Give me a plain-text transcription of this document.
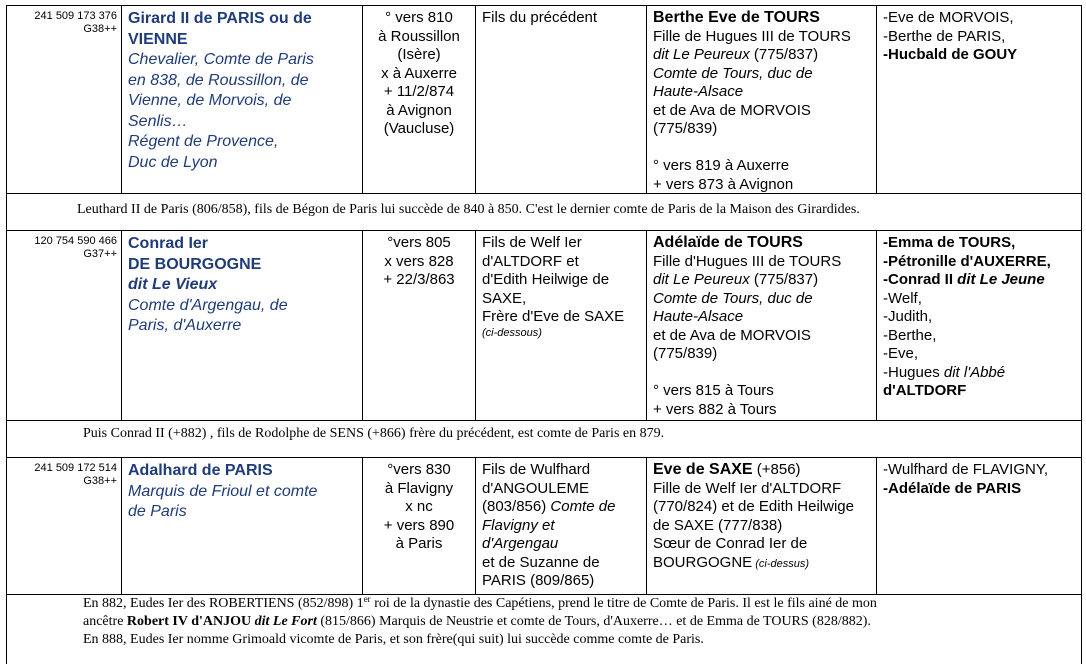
241 509 173 376
G38++
Girard II de PARIS ou de
VIENNE
Chevalier, Comte de Paris
en 838, de Roussillon, de
Vienne, de Morvois, de
Senlis…
Régent de Provence,
Duc de Lyon
° vers 810
à Roussillon
(Isère)
x à Auxerre
+ 11/2/874
à Avignon
(Vaucluse)
Fils du précédent	Berthe Eve de TOURS
Fille de Hugues III de TOURS
dit Le Peureux (775/837)
Comte de Tours, duc de
Haute-Alsace
et de Ava de MORVOIS
(775/839)
° vers 819 à Auxerre
+ vers 873 à Avignon
-Eve de MORVOIS,
-Berthe de PARIS,
-Hucbald de GOUY
Leuthard II de Paris (806/858), fils de Bégon de Paris lui succède de 840 à 850. C'est le dernier comte de Paris de la Maison des Girardides.
120 754 590 466
G37++
Conrad Ier
DE BOURGOGNE
dit Le Vieux
Comte d'Argengau, de
Paris, d'Auxerre
°vers 805
x vers 828
+ 22/3/863
Fils de Welf Ier
d'ALTDORF et
d'Edith Heilwige de
SAXE,
Frère d'Eve de SAXE
(ci-dessous)
Adélaïde de TOURS
Fille d'Hugues III de TOURS
dit Le Peureux (775/837)
Comte de Tours, duc de
Haute-Alsace
et de Ava de MORVOIS
(775/839)
° vers 815 à Tours
+ vers 882 à Tours
-Emma de TOURS,
-Pétronille d'AUXERRE,
-Conrad II dit Le Jeune
-Welf,
-Judith,
-Berthe,
-Eve,
-Hugues dit l'Abbé
d'ALTDORF
Puis Conrad II (+882) , fils de Rodolphe de SENS (+866) frère du précédent, est comte de Paris en 879.
241 509 172 514
G38++
Adalhard de PARIS
Marquis de Frioul et comte
de Paris
°vers 830
à Flavigny
x nc
+ vers 890
à Paris
Fils de Wulfhard
d'ANGOULEME
(803/856) Comte de
Flavigny et
d'Argengau
et de Suzanne de
PARIS (809/865)
Eve de SAXE (+856)
Fille de Welf Ier d'ALTDORF
(770/824) et de Edith Heilwige
de SAXE (777/838)
Sœur de Conrad Ier de
BOURGOGNE (ci-dessus)
-Wulfhard de FLAVIGNY,
-Adélaïde de PARIS
En 882, Eudes Ier des ROBERTIENS (852/898) 1er roi de la dynastie des Capétiens, prend le titre de Comte de Paris. Il est le fils ainé de mon
ancêtre Robert IV d'ANJOU dit Le Fort (815/866) Marquis de Neustrie et comte de Tours, d'Auxerre… et de Emma de TOURS (828/882).
En 888, Eudes Ier nomme Grimoald vicomte de Paris, et son frère(qui suit) lui succède comme comte de Paris.
